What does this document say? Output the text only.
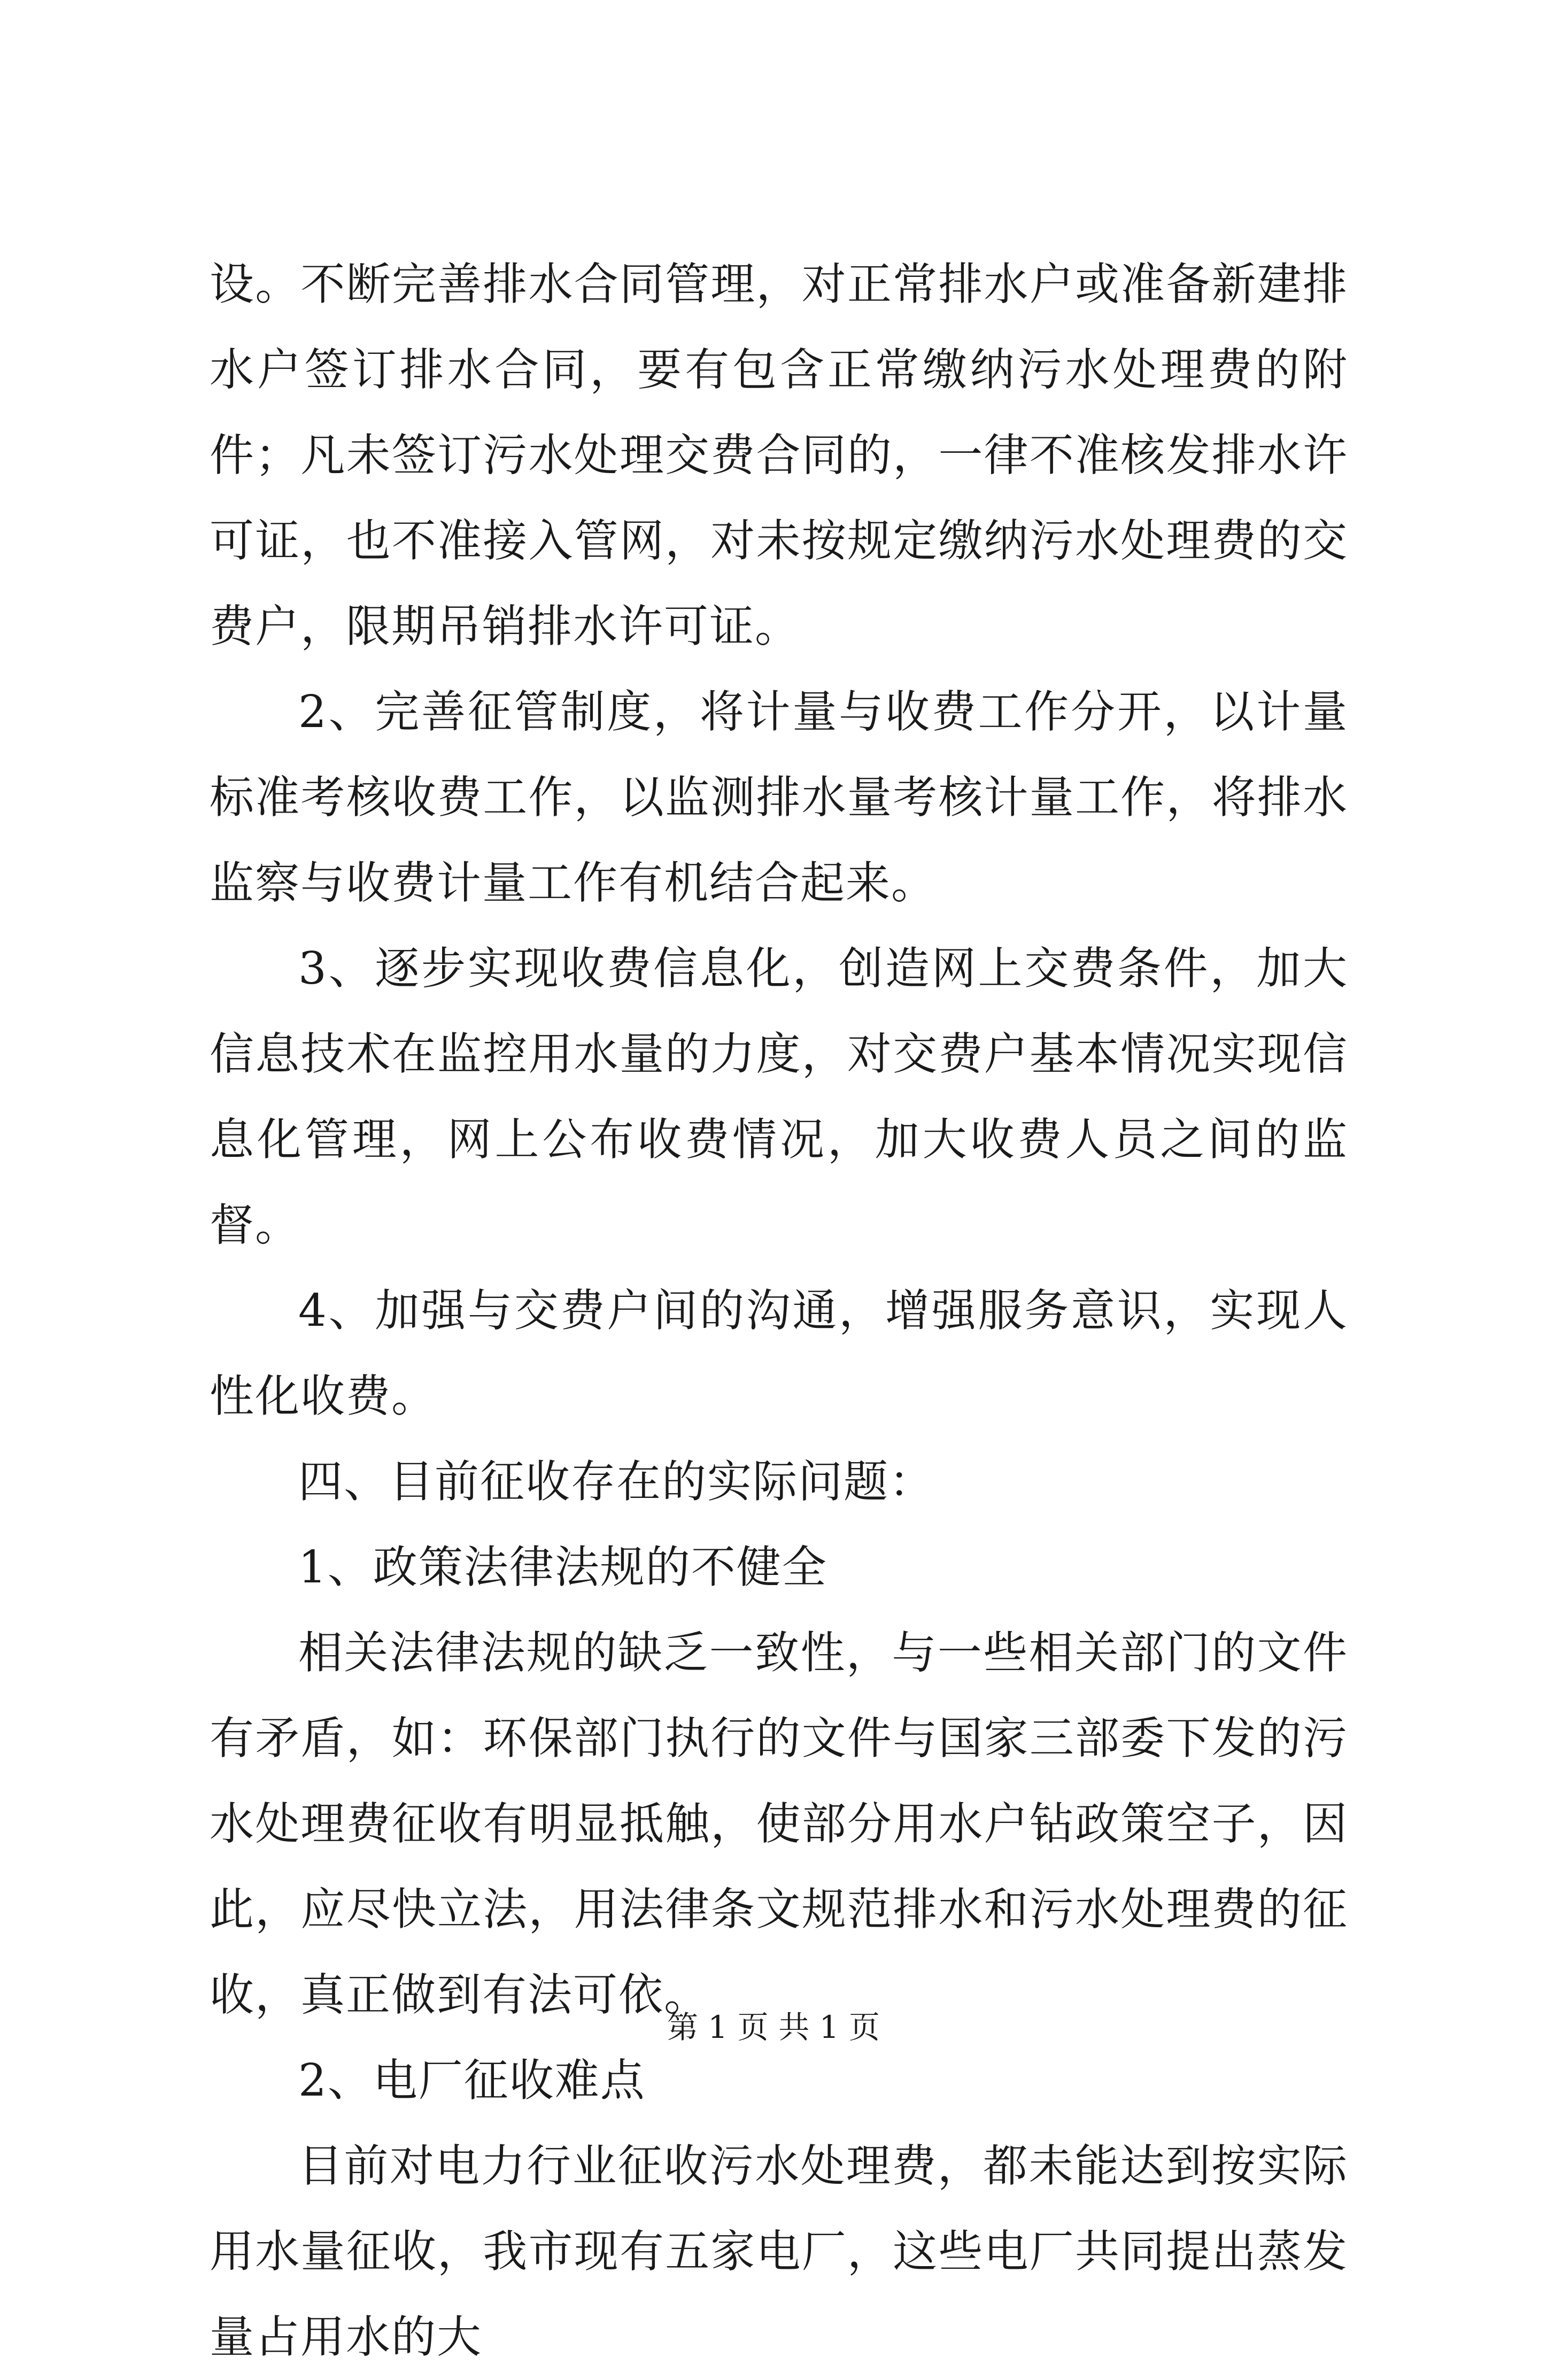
设。不断完善排水合同管理，对正常排水户或准备新建排水户签订排水合同，要有包含正常缴纳污水处理费的附件；凡未签订污水处理交费合同的，一律不准核发排水许可证，也不准接入管网，对未按规定缴纳污水处理费的交费户，限期吊销排水许可证。

2、完善征管制度，将计量与收费工作分开，以计量标准考核收费工作，以监测排水量考核计量工作，将排水监察与收费计量工作有机结合起来。

3、逐步实现收费信息化，创造网上交费条件，加大信息技术在监控用水量的力度，对交费户基本情况实现信息化管理，网上公布收费情况，加大收费人员之间的监督。

4、加强与交费户间的沟通，增强服务意识，实现人性化收费。

四、目前征收存在的实际问题：

1、政策法律法规的不健全

相关法律法规的缺乏一致性，与一些相关部门的文件有矛盾，如：环保部门执行的文件与国家三部委下发的污水处理费征收有明显抵触，使部分用水户钻政策空子，因此，应尽快立法，用法律条文规范排水和污水处理费的征收，真正做到有法可依。

2、电厂征收难点

目前对电力行业征收污水处理费，都未能达到按实际用水量征收，我市现有五家电厂，这些电厂共同提出蒸发量占用水的大

第 1 页 共 1 页
